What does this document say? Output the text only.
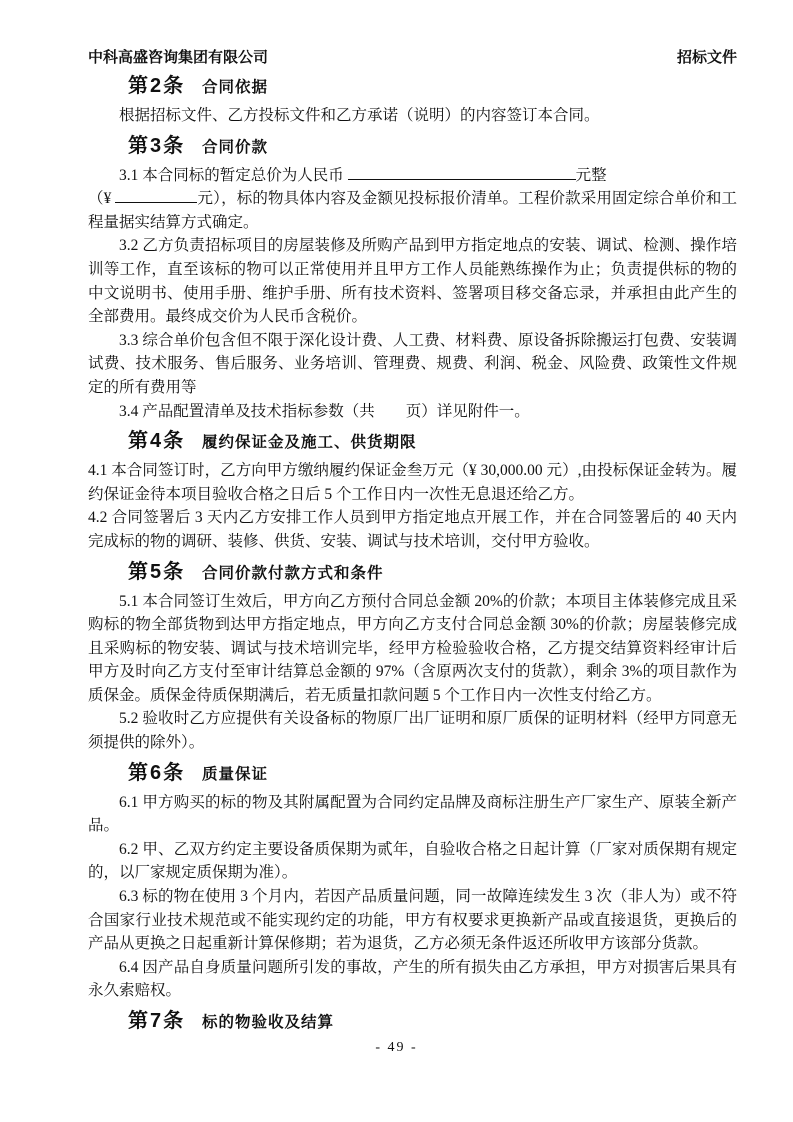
中科高盛咨询集团有限公司	招标文件
第2条 合同依据

根据招标文件、乙方投标文件和乙方承诺（说明）的内容签订本合同。

第3条 合同价款

3.1 本合同标的暂定总价为人民币	元整

（¥	元），标的物具体内容及金额见投标报价清单。工程价款采用固定综合单价和工程量据实结算方式确定。

3.2 乙方负责招标项目的房屋装修及所购产品到甲方指定地点的安装、调试、检测、操作培训等工作，直至该标的物可以正常使用并且甲方工作人员能熟练操作为止；负责提供标的物的中文说明书、使用手册、维护手册、所有技术资料、签署项目移交备忘录，并承担由此产生的全部费用。最终成交价为人民币含税价。

3.3 综合单价包含但不限于深化设计费、人工费、材料费、原设备拆除搬运打包费、安装调试费、技术服务、售后服务、业务培训、管理费、规费、利润、税金、风险费、政策性文件规定的所有费用等

3.4 产品配置清单及技术指标参数（共　　页）详见附件一。

第4条 履约保证金及施工、供货期限

4.1 本合同签订时，乙方向甲方缴纳履约保证金叁万元（¥ 30,000.00 元）,由投标保证金转为。履约保证金待本项目验收合格之日后 5 个工作日内一次性无息退还给乙方。

4.2 合同签署后 3 天内乙方安排工作人员到甲方指定地点开展工作，并在合同签署后的 40 天内完成标的物的调研、装修、供货、安装、调试与技术培训，交付甲方验收。

第5条 合同价款付款方式和条件

5.1 本合同签订生效后，甲方向乙方预付合同总金额 20%的价款；本项目主体装修完成且采购标的物全部货物到达甲方指定地点，甲方向乙方支付合同总金额 30%的价款；房屋装修完成且采购标的物安装、调试与技术培训完毕，经甲方检验验收合格，乙方提交结算资料经审计后甲方及时向乙方支付至审计结算总金额的 97%（含原两次支付的货款），剩余 3%的项目款作为质保金。质保金待质保期满后，若无质量扣款问题 5 个工作日内一次性支付给乙方。

5.2 验收时乙方应提供有关设备标的物原厂出厂证明和原厂质保的证明材料（经甲方同意无须提供的除外）。

第6条 质量保证

6.1 甲方购买的标的物及其附属配置为合同约定品牌及商标注册生产厂家生产、原装全新产品。

6.2 甲、乙双方约定主要设备质保期为贰年，自验收合格之日起计算（厂家对质保期有规定的，以厂家规定质保期为准）。

6.3 标的物在使用 3 个月内，若因产品质量问题，同一故障连续发生 3 次（非人为）或不符合国家行业技术规范或不能实现约定的功能，甲方有权要求更换新产品或直接退货，更换后的产品从更换之日起重新计算保修期；若为退货，乙方必须无条件返还所收甲方该部分货款。

6.4 因产品自身质量问题所引发的事故，产生的所有损失由乙方承担，甲方对损害后果具有永久索赔权。

第7条 标的物验收及结算
- 49 -
